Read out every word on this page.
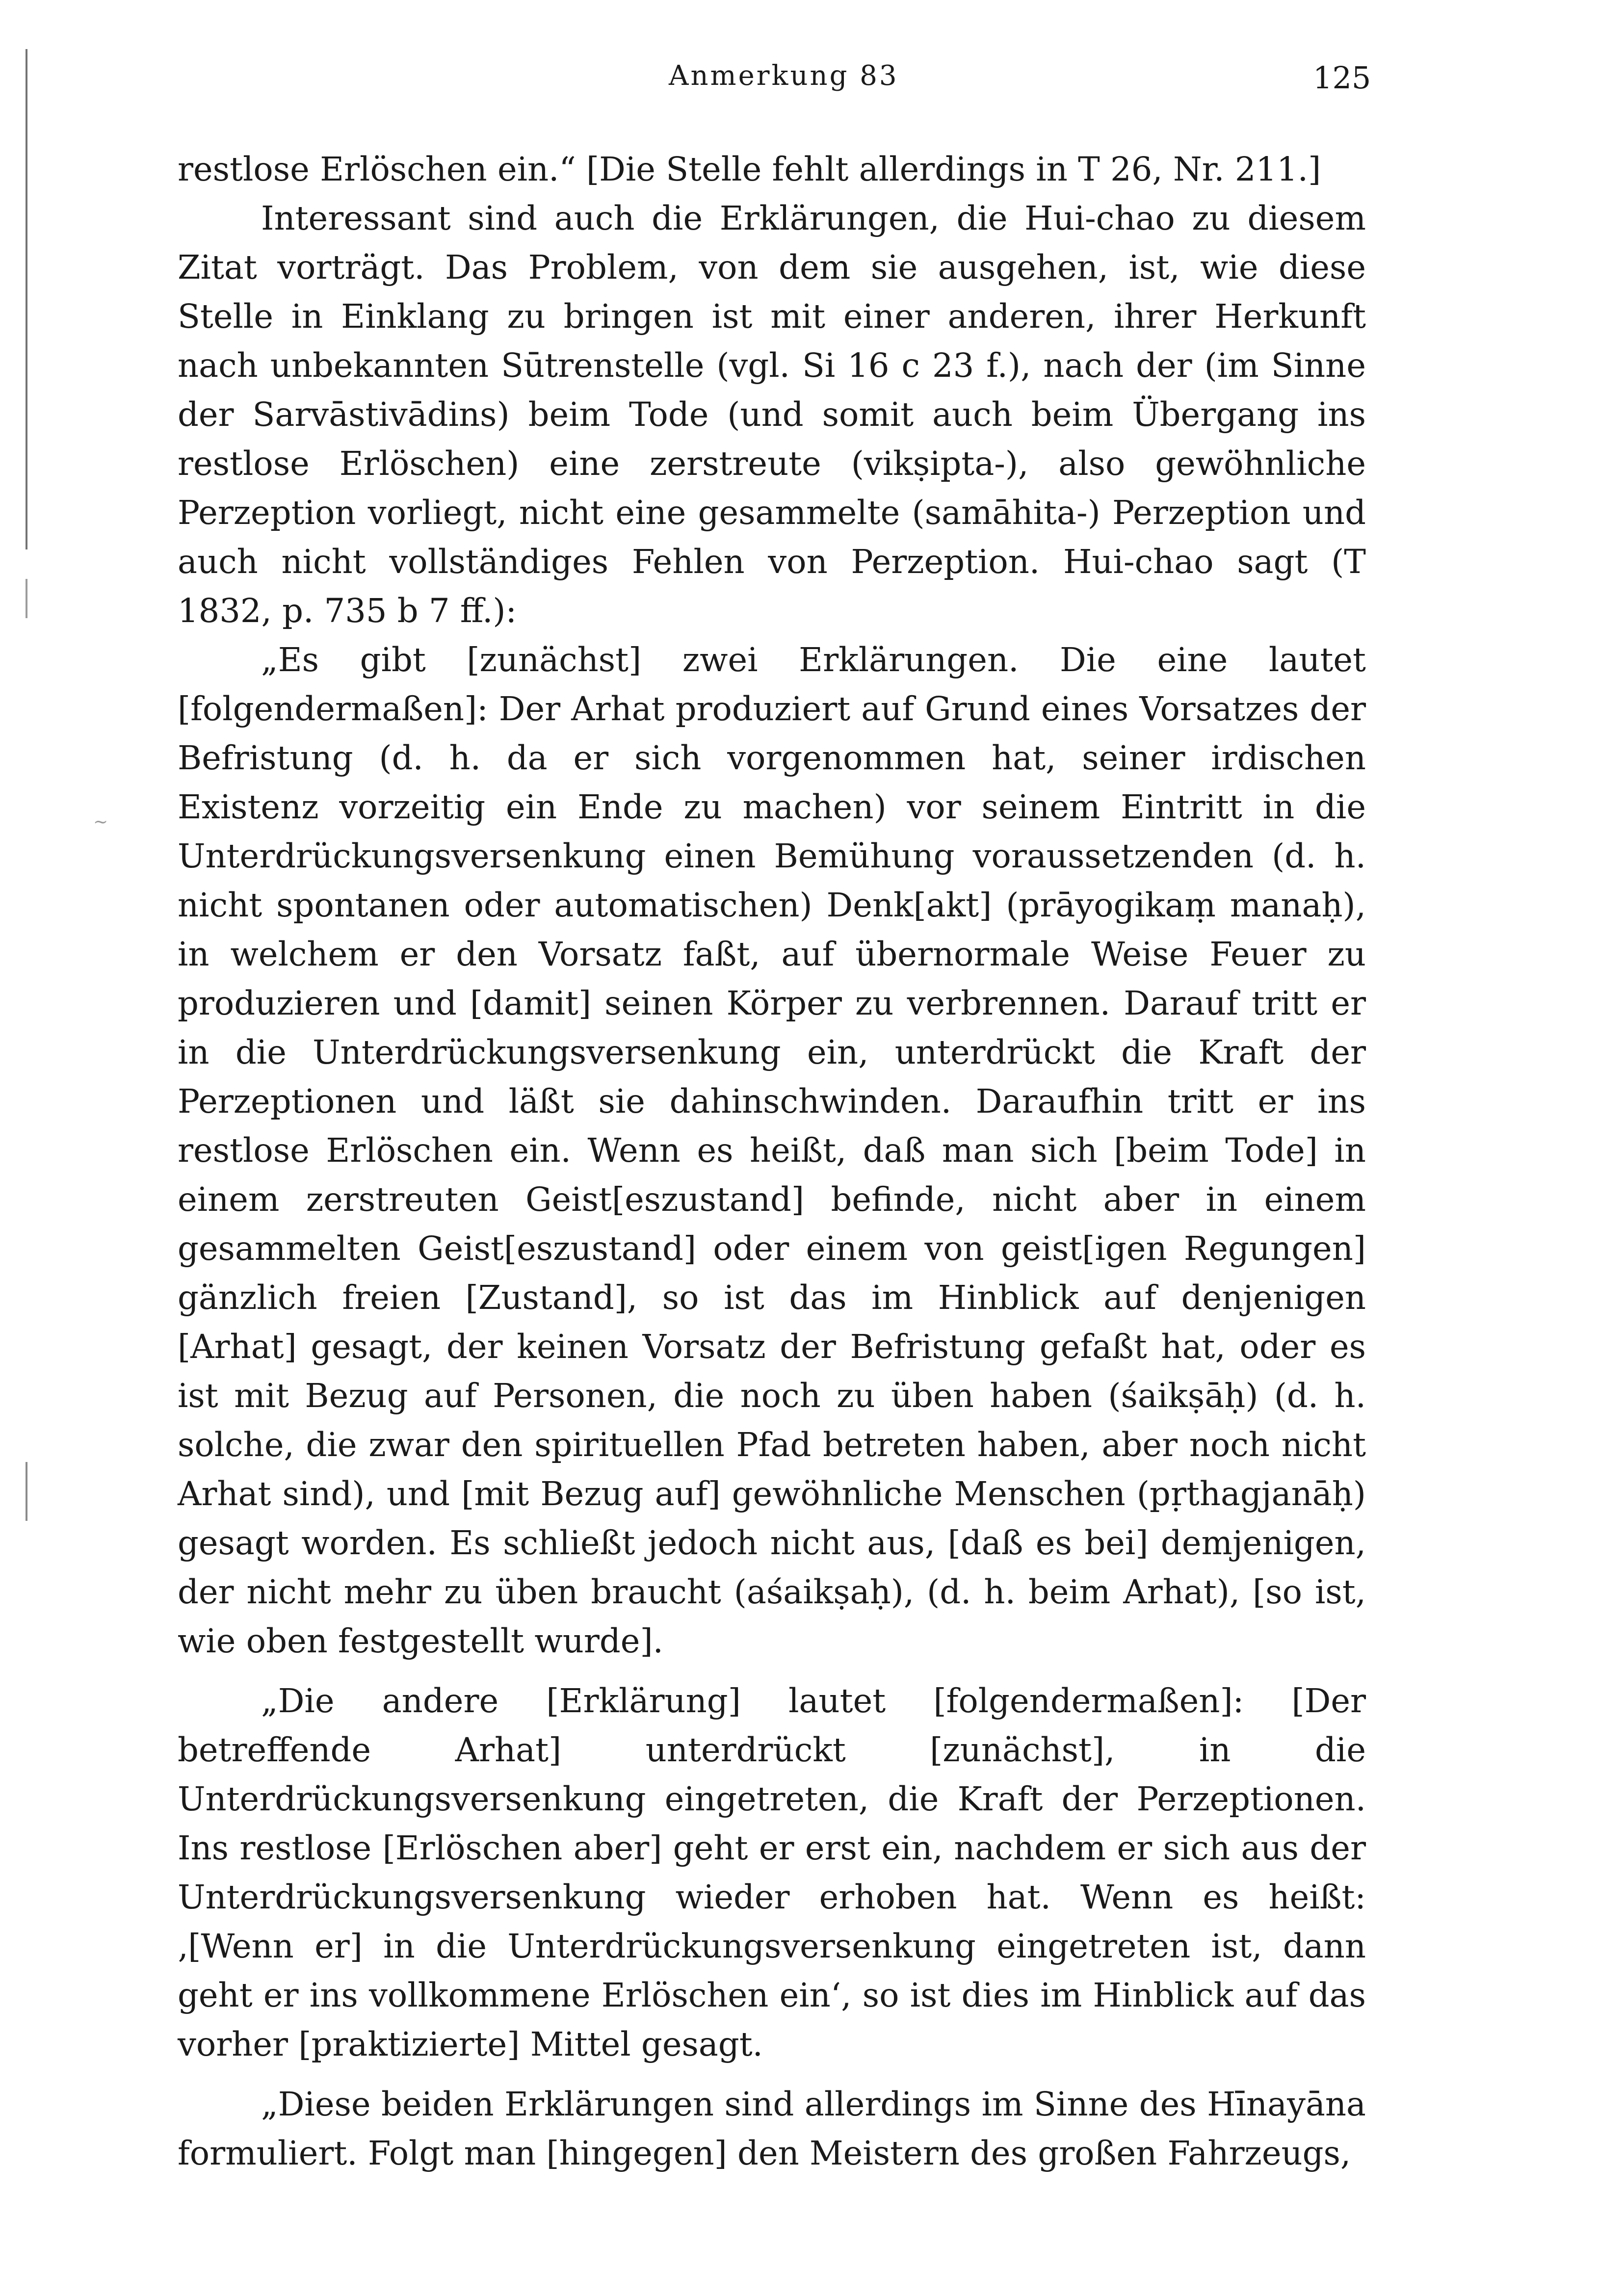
~
Anmerkung 83	125

restlose Erlöschen ein.“ [Die Stelle fehlt allerdings in T 26, Nr. 211.]

Interessant sind auch die Erklärungen, die Hui-chao zu diesem Zitat vorträgt. Das Problem, von dem sie ausgehen, ist, wie diese Stelle in Einklang zu bringen ist mit einer anderen, ihrer Herkunft nach unbekannten Sūtrenstelle (vgl. Si 16 c 23 f.), nach der (im Sinne der Sarvāstivādins) beim Tode (und somit auch beim Übergang ins restlose Erlöschen) eine zerstreute (vikṣipta-), also gewöhnliche Perzeption vorliegt, nicht eine gesammelte (samāhita-) Perzeption und auch nicht vollständiges Fehlen von Perzeption. Hui-chao sagt (T 1832, p. 735 b 7 ff.):

„Es gibt [zunächst] zwei Erklärungen. Die eine lautet [folgendermaßen]: Der Arhat produziert auf Grund eines Vorsatzes der Befristung (d. h. da er sich vorgenommen hat, seiner irdischen Existenz vorzeitig ein Ende zu machen) vor seinem Eintritt in die Unterdrückungsversenkung einen Bemühung voraussetzenden (d. h. nicht spontanen oder automatischen) Denk[akt] (prāyogikaṃ manaḥ), in welchem er den Vorsatz faßt, auf übernormale Weise Feuer zu produzieren und [damit] seinen Körper zu verbrennen. Darauf tritt er in die Unterdrückungsversenkung ein, unterdrückt die Kraft der Perzeptionen und läßt sie dahinschwinden. Daraufhin tritt er ins restlose Erlöschen ein. Wenn es heißt, daß man sich [beim Tode] in einem zerstreuten Geist[eszustand] befinde, nicht aber in einem gesammelten Geist[eszustand] oder einem von geist[igen Regungen] gänzlich freien [Zustand], so ist das im Hinblick auf denjenigen [Arhat] gesagt, der keinen Vorsatz der Befristung gefaßt hat, oder es ist mit Bezug auf Personen, die noch zu üben haben (śaikṣāḥ) (d. h. solche, die zwar den spirituellen Pfad betreten haben, aber noch nicht Arhat sind), und [mit Bezug auf] gewöhnliche Menschen (pṛthagjanāḥ) gesagt worden. Es schließt jedoch nicht aus, [daß es bei] demjenigen, der nicht mehr zu üben braucht (aśaikṣaḥ), (d. h. beim Arhat), [so ist, wie oben festgestellt wurde].

„Die andere [Erklärung] lautet [folgendermaßen]: [Der betreffende Arhat] unterdrückt [zunächst], in die Unterdrückungsversenkung eingetreten, die Kraft der Perzeptionen. Ins restlose [Erlöschen aber] geht er erst ein, nachdem er sich aus der Unterdrückungsversenkung wieder erhoben hat. Wenn es heißt: ‚[Wenn er] in die Unterdrückungsversenkung eingetreten ist, dann geht er ins vollkommene Erlöschen ein‘, so ist dies im Hinblick auf das vorher [praktizierte] Mittel gesagt.

„Diese beiden Erklärungen sind allerdings im Sinne des Hīnayāna formuliert. Folgt man [hingegen] den Meistern des großen Fahrzeugs,
